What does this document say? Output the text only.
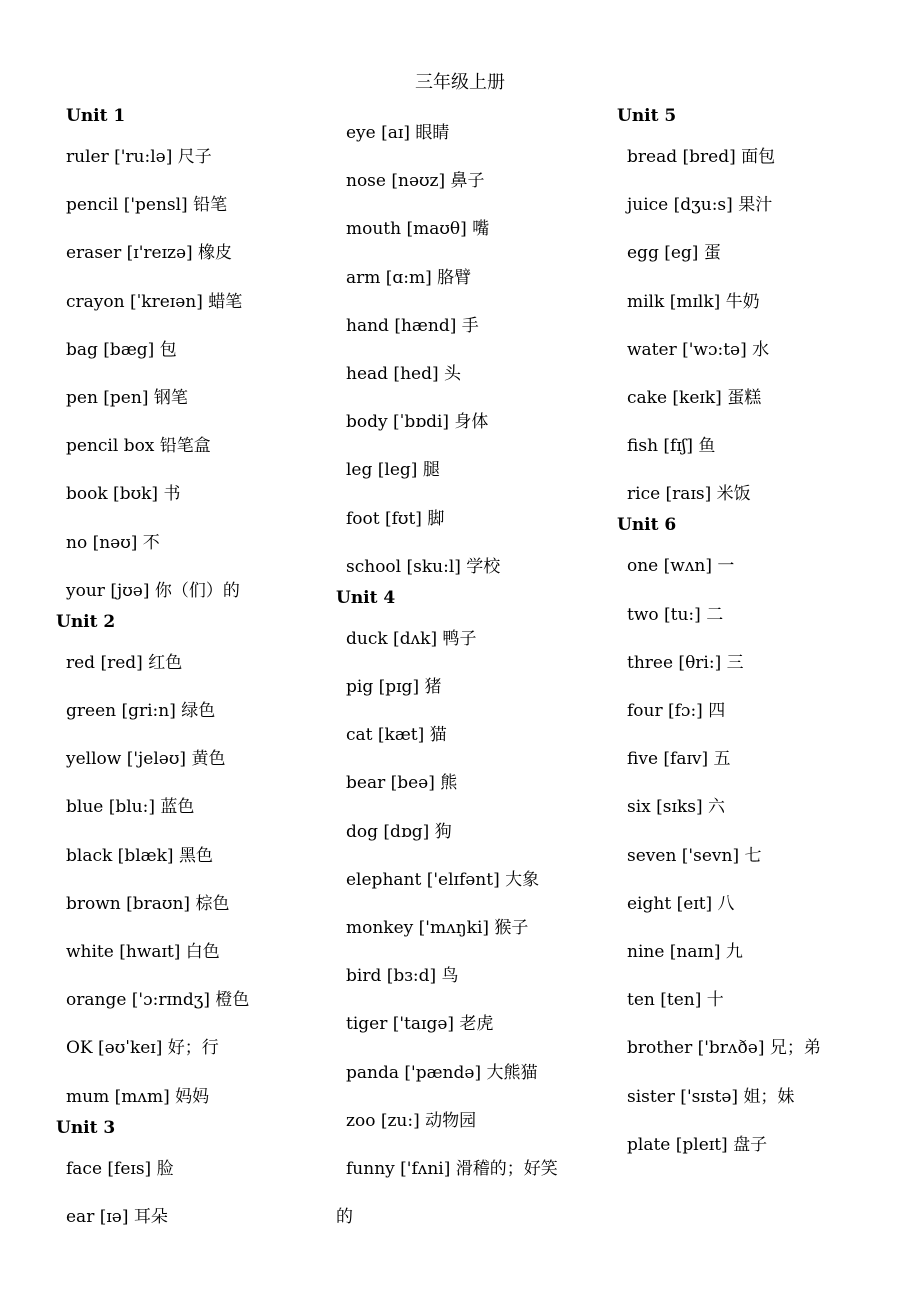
三年级上册
Unit 1
ruler ['ru:lə] 尺子
pencil ['pensl] 铅笔
eraser [ɪ'reɪzə] 橡皮
crayon [ˈkreɪən] 蜡笔
bag [bæg] 包
pen [pen] 钢笔
pencil box 铅笔盒
book [bʊk] 书
no [nəʊ] 不
your [jʊə] 你（们）的
Unit 2
red [red] 红色
green [gri:n] 绿色
yellow ['jeləʊ] 黄色
blue [blu:] 蓝色
black [blæk] 黑色
brown [braʊn] 棕色
white [hwaɪt] 白色
orange ['ɔ:rɪndʒ] 橙色
OK [əʊˈkeɪ] 好；行
mum [mʌm] 妈妈
Unit 3
face [feɪs] 脸
ear [ɪə] 耳朵
eye [aɪ] 眼睛
nose [nəʊz] 鼻子
mouth [maʊθ] 嘴
arm [ɑ:m] 胳臂
hand [hænd] 手
head [hed] 头
body [ˈbɒdi] 身体
leg [leg] 腿
foot [fʊt] 脚
school [sku:l] 学校
Unit 4
duck [dʌk] 鸭子
pig [pɪg] 猪
cat [kæt] 猫
bear [beə] 熊
dog [dɒg] 狗
elephant ['elɪfənt] 大象
monkey ['mʌŋki] 猴子
bird [bɜ:d] 鸟
tiger ['taɪgə] 老虎
panda ['pændə] 大熊猫
zoo [zu:] 动物园
funny ['fʌni] 滑稽的；好笑
的
Unit 5
bread [bred] 面包
juice [dʒu:s] 果汁
egg [eg] 蛋
milk [mɪlk] 牛奶
water ['wɔ:tə] 水
cake [keɪk] 蛋糕
fish [fɪʃ] 鱼
rice [raɪs] 米饭
Unit 6
one [wʌn] 一
two [tu:] 二
three [θri:] 三
four [fɔ:] 四
five [faɪv] 五
six [sɪks] 六
seven ['sevn] 七
eight [eɪt] 八
nine [naɪn] 九
ten [ten] 十
brother ['brʌðə] 兄；弟
sister ['sɪstə] 姐；妹
plate [pleɪt] 盘子
